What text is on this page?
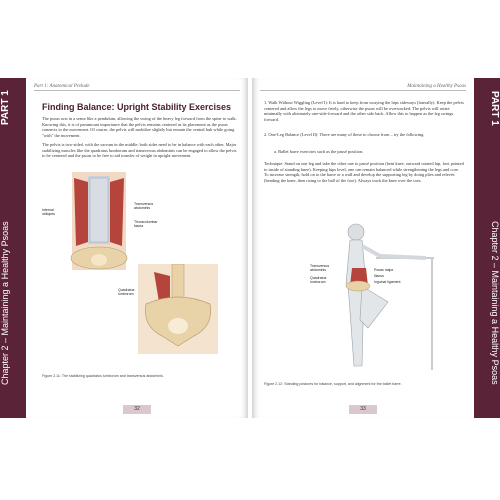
PART 1
Chapter 2 – Maintaining a Healthy Psoas
Part 1: Anatomical Prelude
Finding Balance: Upright Stability Exercises
The psoas acts in a sense like a pendulum, allowing the swing of the heavy leg forward from the spine to walk. Knowing this, it is of paramount importance that the pelvis remains centered as its placement as the psoas connects to the movement. Of course, the pelvis will mobilize slightly but remain the central hub while going "with" the movement.
The pelvis is two-sided, with the sacrum in the middle; both sides need to be in balance with each other. Major stabilizing muscles like the quadratus lumborum and transversus abdominis can be engaged to allow the pelvis to be centered and the psoas to be free to aid transfer of weight in upright movement.
Internal obliques
Transversus abdominis
Thoracolumbar fascia
Quadratus lumborum
Figure 2.11: The stabilizing quadratus lumborum and transversus abdominis.
32
Maintaining a Healthy Psoas
1. Walk Without Wiggling (Level I): It is hard to keep from swaying the hips sideways (laterally). Keep the pelvis centered and allow the legs to move freely, otherwise the psoas will be overworked. The pelvis will rotate minimally with alternately one-side-forward and the other side back. Allow this to happen as the leg swings forward.
2. One-Leg Balance (Level II): There are many of these to choose from – try the following.
a. Ballet barre exercises such as the passé position.
Technique: Stand on one leg and take the other one to passé position (bent knee, outward rotated hip, foot pointed to inside of standing knee). Keeping hips level, one can remain balanced while strengthening the legs and core. To increase strength, hold on to the barre or a wall and develop the supporting leg by doing plies and relevés (bending the knee, then rising to the ball of the foot). Always track the knee over the toes.
Transversus abdominis
Quadratus lumborum
Psoas major
Iliacus
Inguinal ligament
Figure 2.12: Standing postures for balance, support, and alignment for the ballet barre.
33
PART 1
Chapter 2 – Maintaining a Healthy Psoas
